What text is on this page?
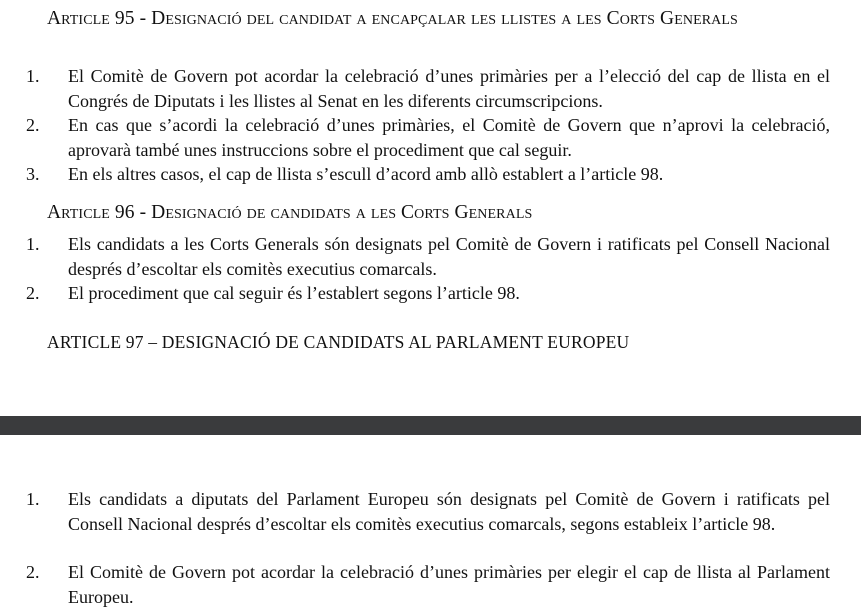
Article 95 - Designació del candidat a encapçalar les llistes a les Corts Generals

1. El Comitè de Govern pot acordar la celebració d’unes primàries per a l’elecció del cap de llista en el Congrés de Diputats i les llistes al Senat en les diferents circumscripcions.

2. En cas que s’acordi la celebració d’unes primàries, el Comitè de Govern que n’aprovi la celebració, aprovarà també unes instruccions sobre el procediment que cal seguir.

3. En els altres casos, el cap de llista s’escull d’acord amb allò establert a l’article 98.

Article 96 - Designació de candidats a les Corts Generals

1. Els candidats a les Corts Generals són designats pel Comitè de Govern i ratificats pel Consell Nacional després d’escoltar els comitès executius comarcals.

2. El procediment que cal seguir és l’establert segons l’article 98.

ARTICLE 97 – DESIGNACIÓ DE CANDIDATS AL PARLAMENT EUROPEU

1. Els candidats a diputats del Parlament Europeu són designats pel Comitè de Govern i ratificats pel Consell Nacional després d’escoltar els comitès executius comarcals, segons estableix l’article 98.

2. El Comitè de Govern pot acordar la celebració d’unes primàries per elegir el cap de llista al Parlament Europeu.
